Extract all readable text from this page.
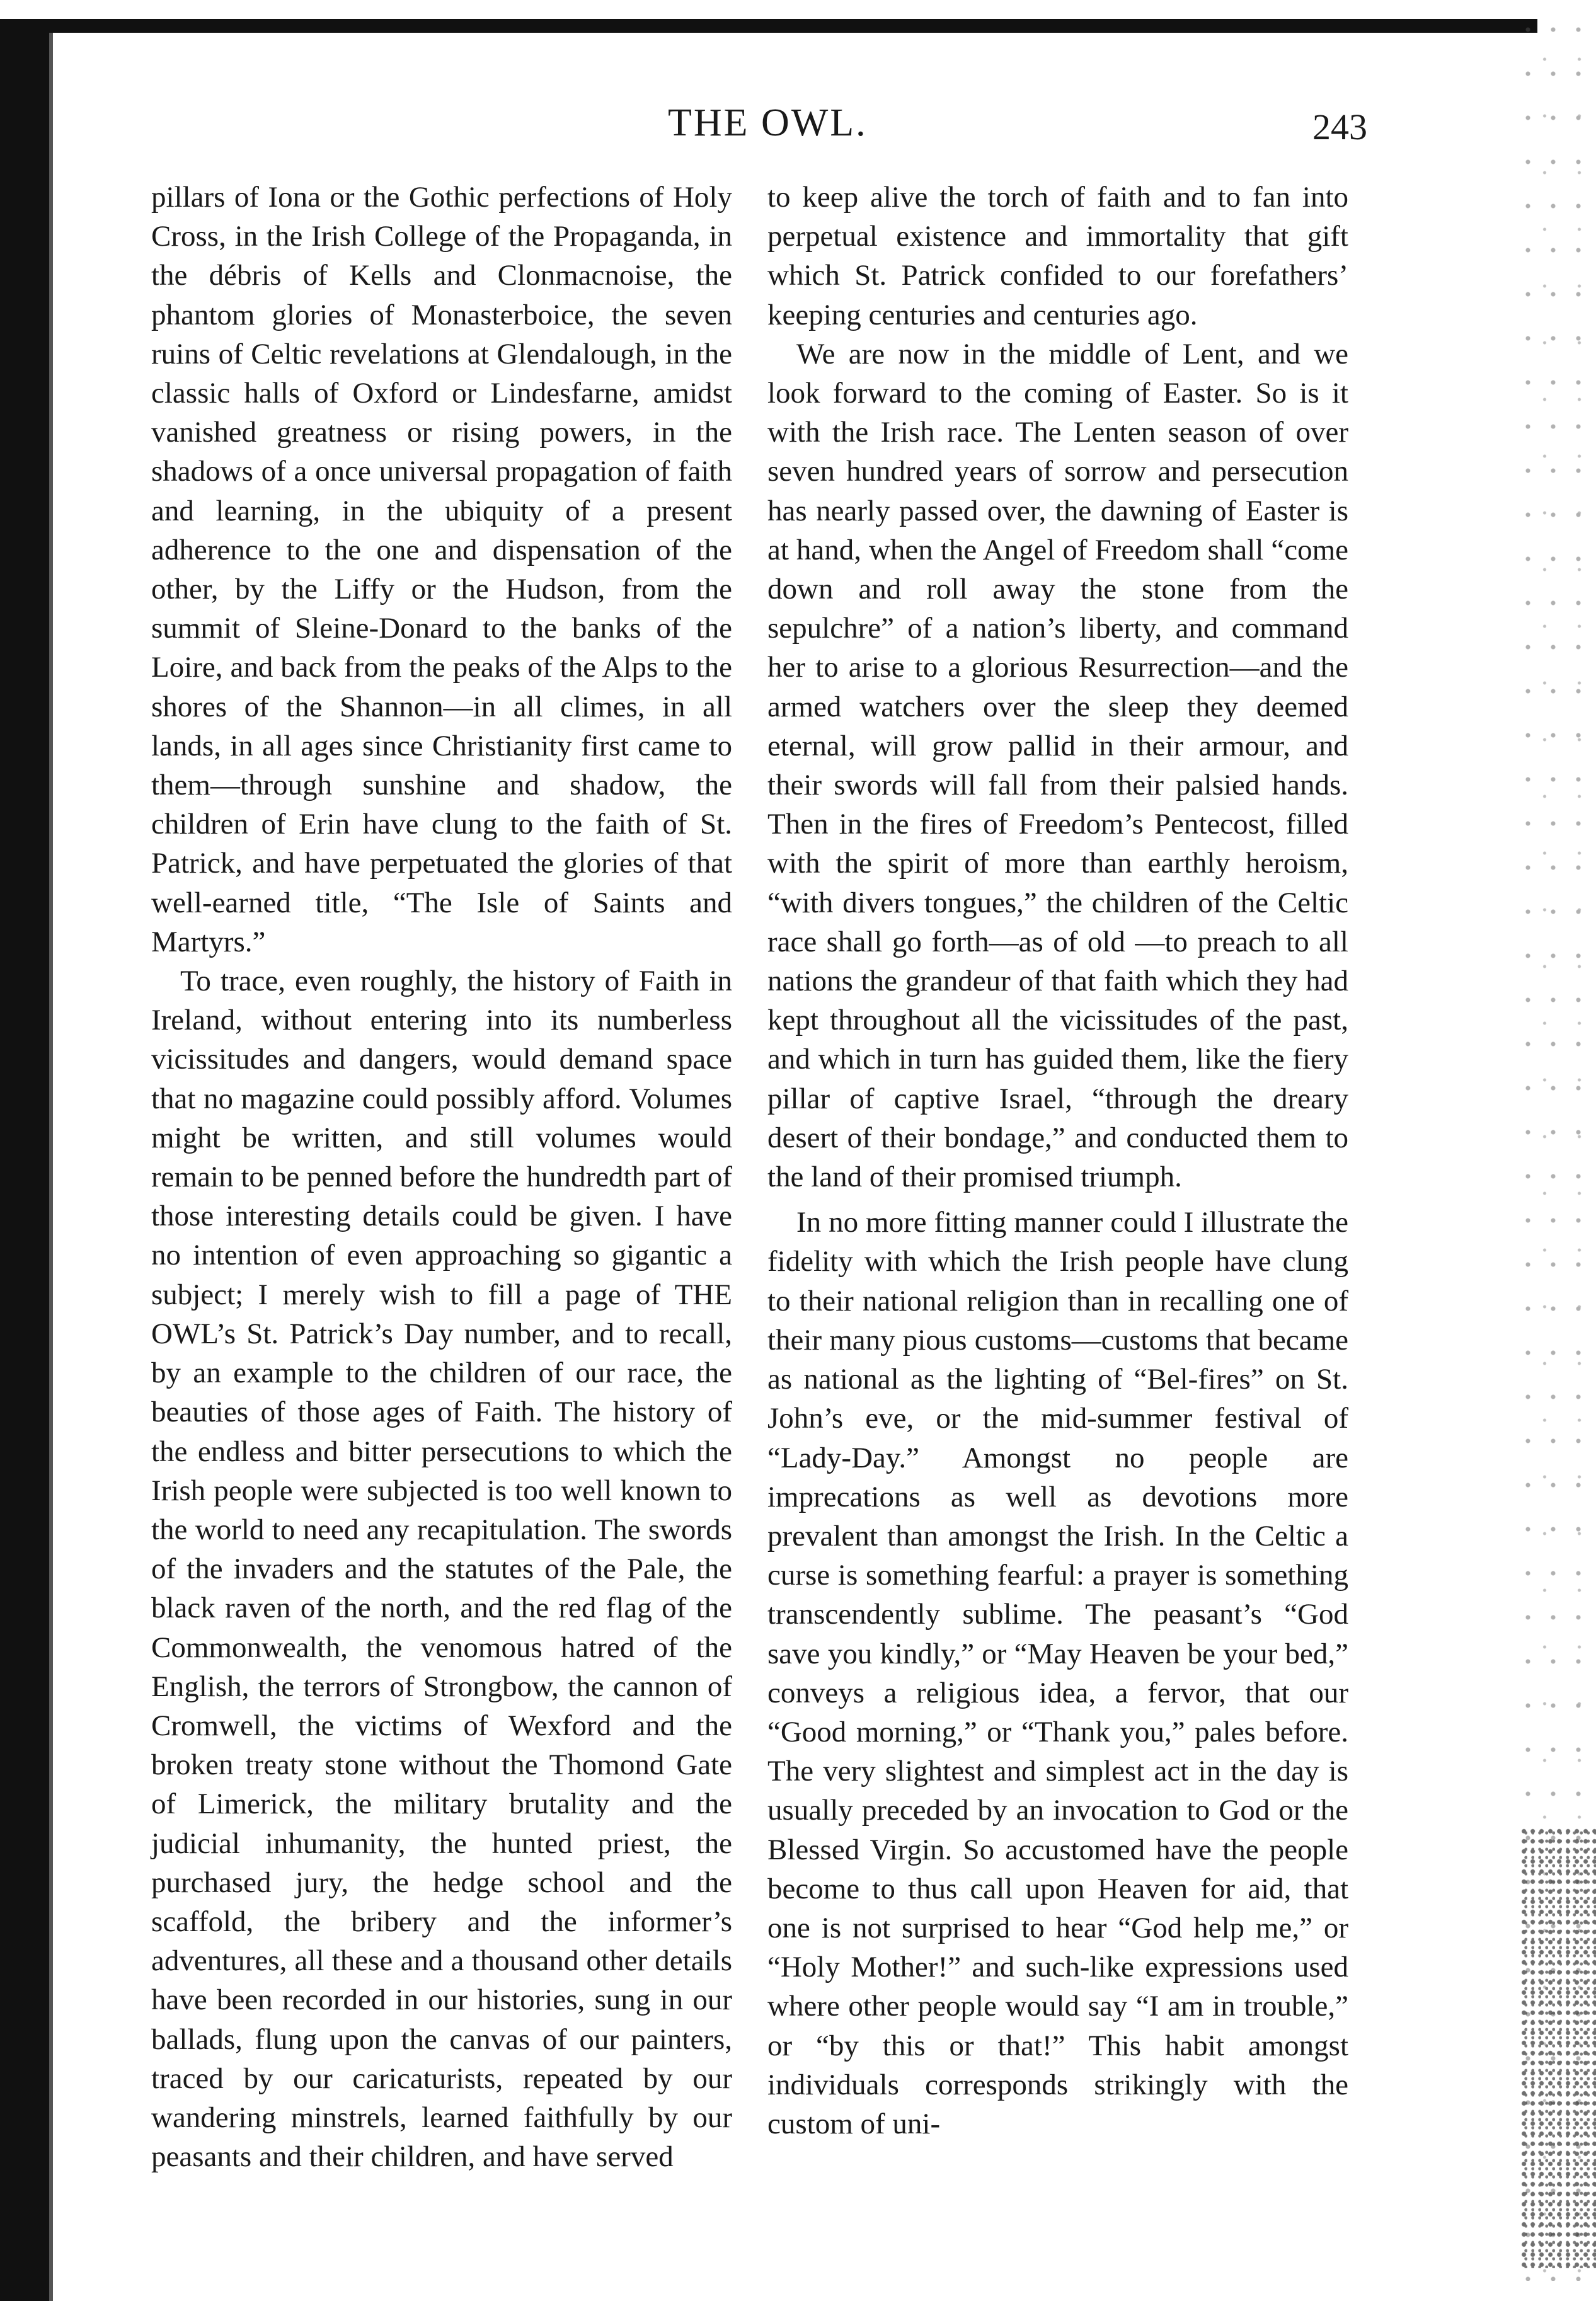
THE OWL.	243

pillars of Iona or the Gothic perfections of Holy Cross, in the Irish College of the Propaganda, in the débris of Kells and Clonmacnoise, the phantom glories of Monasterboice, the seven ruins of Celtic revelations at Glendalough, in the classic halls of Oxford or Lindesfarne, amidst vanished greatness or rising powers, in the shadows of a once universal propagation of faith and learning, in the ubiquity of a present adherence to the one and dispensation of the other, by the Liffy or the Hudson, from the summit of Sleine-Donard to the banks of the Loire, and back from the peaks of the Alps to the shores of the Shannon—in all climes, in all lands, in all ages since Christianity first came to them—through sunshine and shadow, the children of Erin have clung to the faith of St. Patrick, and have perpetuated the glories of that well-earned title, “The Isle of Saints and Martyrs.”

To trace, even roughly, the history of Faith in Ireland, without entering into its numberless vicissitudes and dangers, would demand space that no magazine could possibly afford. Volumes might be written, and still volumes would remain to be penned before the hundredth part of those interesting details could be given. I have no intention of even approaching so gigantic a subject; I merely wish to fill a page of THE OWL’s St. Patrick’s Day number, and to recall, by an example to the children of our race, the beauties of those ages of Faith. The history of the endless and bitter persecutions to which the Irish people were subjected is too well known to the world to need any recapitulation. The swords of the invaders and the statutes of the Pale, the black raven of the north, and the red flag of the Commonwealth, the venomous hatred of the English, the terrors of Strongbow, the cannon of Cromwell, the victims of Wexford and the broken treaty stone without the Thomond Gate of Limerick, the military brutality and the judicial inhumanity, the hunted priest, the purchased jury, the hedge school and the scaffold, the bribery and the informer’s adventures, all these and a thousand other details have been recorded in our histories, sung in our ballads, flung upon the canvas of our painters, traced by our caricaturists, repeated by our wandering minstrels, learned faithfully by our peasants and their children, and have served

to keep alive the torch of faith and to fan into perpetual existence and immortality that gift which St. Patrick confided to our forefathers’ keeping centuries and centuries ago.

We are now in the middle of Lent, and we look forward to the coming of Easter. So is it with the Irish race. The Lenten season of over seven hundred years of sorrow and persecution has nearly passed over, the dawning of Easter is at hand, when the Angel of Freedom shall “come down and roll away the stone from the sepulchre” of a nation’s liberty, and command her to arise to a glorious Resurrection—and the armed watchers over the sleep they deemed eternal, will grow pallid in their armour, and their swords will fall from their palsied hands. Then in the fires of Freedom’s Pentecost, filled with the spirit of more than earthly heroism, “with divers tongues,” the children of the Celtic race shall go forth—as of old —to preach to all nations the grandeur of that faith which they had kept throughout all the vicissitudes of the past, and which in turn has guided them, like the fiery pillar of captive Israel, “through the dreary desert of their bondage,” and conducted them to the land of their promised triumph.

In no more fitting manner could I illustrate the fidelity with which the Irish people have clung to their national religion than in recalling one of their many pious customs—customs that became as national as the lighting of “Bel-fires” on St. John’s eve, or the mid-summer festival of “Lady-Day.” Amongst no people are imprecations as well as devotions more prevalent than amongst the Irish. In the Celtic a curse is something fearful: a prayer is something transcendently sublime. The peasant’s “God save you kindly,” or “May Heaven be your bed,” conveys a religious idea, a fervor, that our “Good morning,” or “Thank you,” pales before. The very slightest and simplest act in the day is usually preceded by an invocation to God or the Blessed Virgin. So accustomed have the people become to thus call upon Heaven for aid, that one is not surprised to hear “God help me,” or “Holy Mother!” and such-like expressions used where other people would say “I am in trouble,” or “by this or that!” This habit amongst individuals corresponds strikingly with the custom of uni-
